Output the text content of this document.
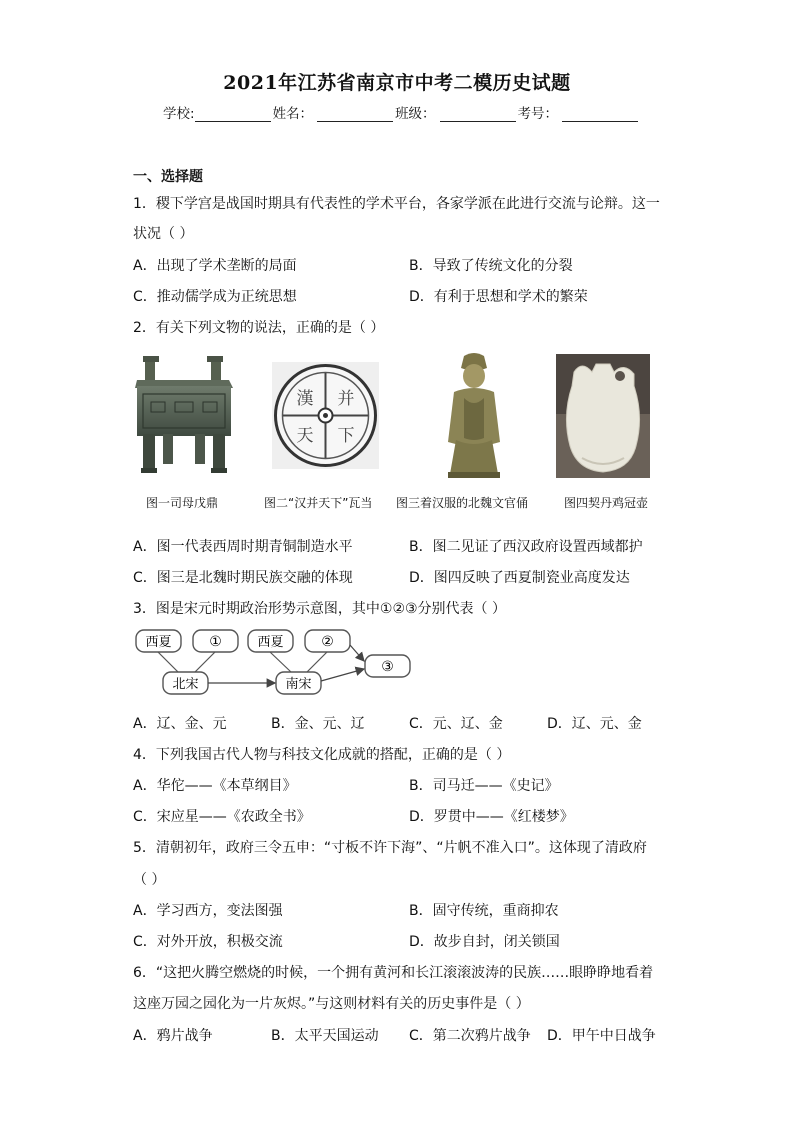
2021年江苏省南京市中考二模历史试题
学校:	姓名：	班级：	考号：
一、选择题
1．稷下学宫是战国时期具有代表性的学术平台，各家学派在此进行交流与论辩。这一
状况（ ）
A．出现了学术垄断的局面	B．导致了传统文化的分裂
C．推动儒学成为正统思想	D．有利于思想和学术的繁荣
2．有关下列文物的说法，正确的是（ ）
漢 并
天 下
图一司母戊鼎	图二“汉并天下”瓦当 图三着汉服的北魏文官俑	图四契丹鸡冠壶
A．图一代表西周时期青铜制造水平	B．图二见证了西汉政府设置西域都护
C．图三是北魏时期民族交融的体现	D．图四反映了西夏制瓷业高度发达
3．图是宋元时期政治形势示意图，其中①②③分别代表（ ）
西夏	①	西夏	②
北宋	南宋
③
A．辽、金、元	B．金、元、辽	C．元、辽、金	D．辽、元、金
4．下列我国古代人物与科技文化成就的搭配，正确的是（ ）
A．华佗——《本草纲目》	B．司马迁——《史记》
C．宋应星——《农政全书》	D．罗贯中——《红楼梦》
5．清朝初年，政府三令五申：“寸板不许下海”、“片帆不准入口”。这体现了清政府
（ ）
A．学习西方，变法图强	B．固守传统，重商抑农
C．对外开放，积极交流	D．故步自封，闭关锁国
6．“这把火腾空燃烧的时候，一个拥有黄河和长江滚滚波涛的民族……眼睁睁地看着
这座万园之园化为一片灰烬。”与这则材料有关的历史事件是（ ）
A．鸦片战争	B．太平天国运动 C．第二次鸦片战争 D．甲午中日战争
